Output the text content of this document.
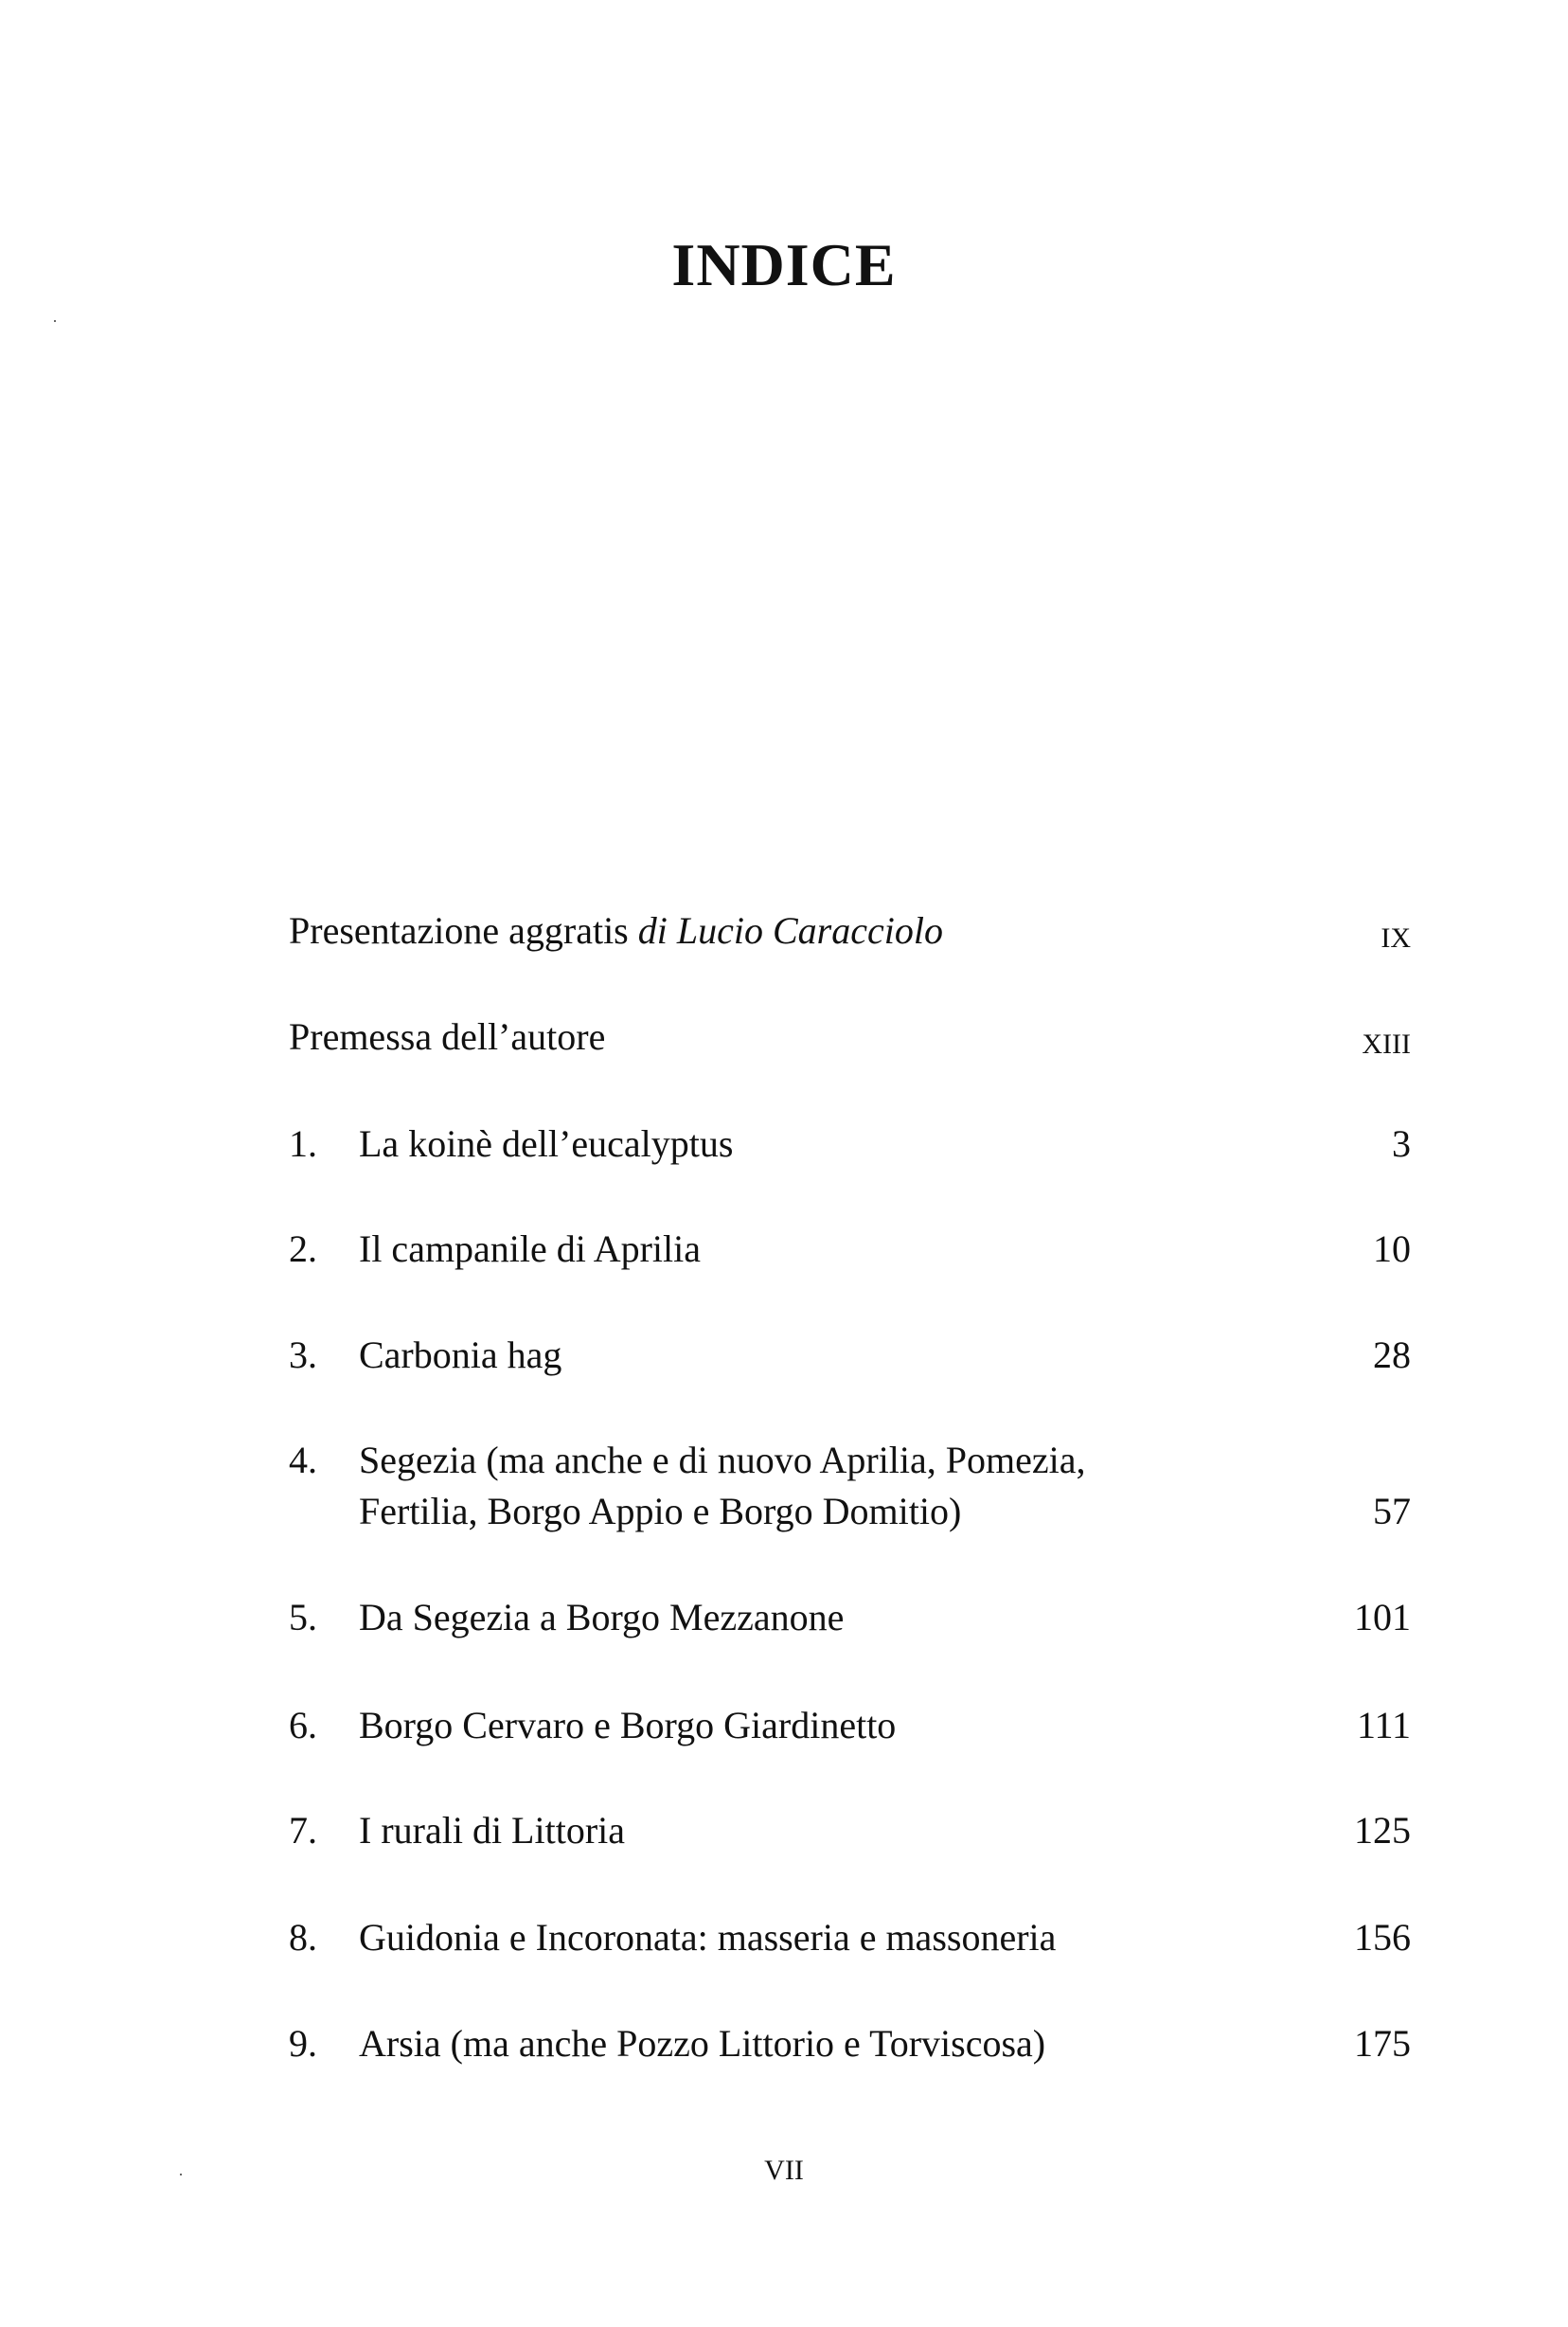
INDICE
Presentazione aggratis di Lucio Caracciolo	IX
Premessa dell’autore	XIII
1. La koinè dell’eucalyptus	3
2. Il campanile di Aprilia	10
3. Carbonia hag	28
4. Segezia (ma anche e di nuovo Aprilia, Pomezia,
Fertilia, Borgo Appio e Borgo Domitio)	57
5. Da Segezia a Borgo Mezzanone	101
6. Borgo Cervaro e Borgo Giardinetto	111
7. I rurali di Littoria	125
8. Guidonia e Incoronata: masseria e massoneria	156
9. Arsia (ma anche Pozzo Littorio e Torviscosa)	175
VII
